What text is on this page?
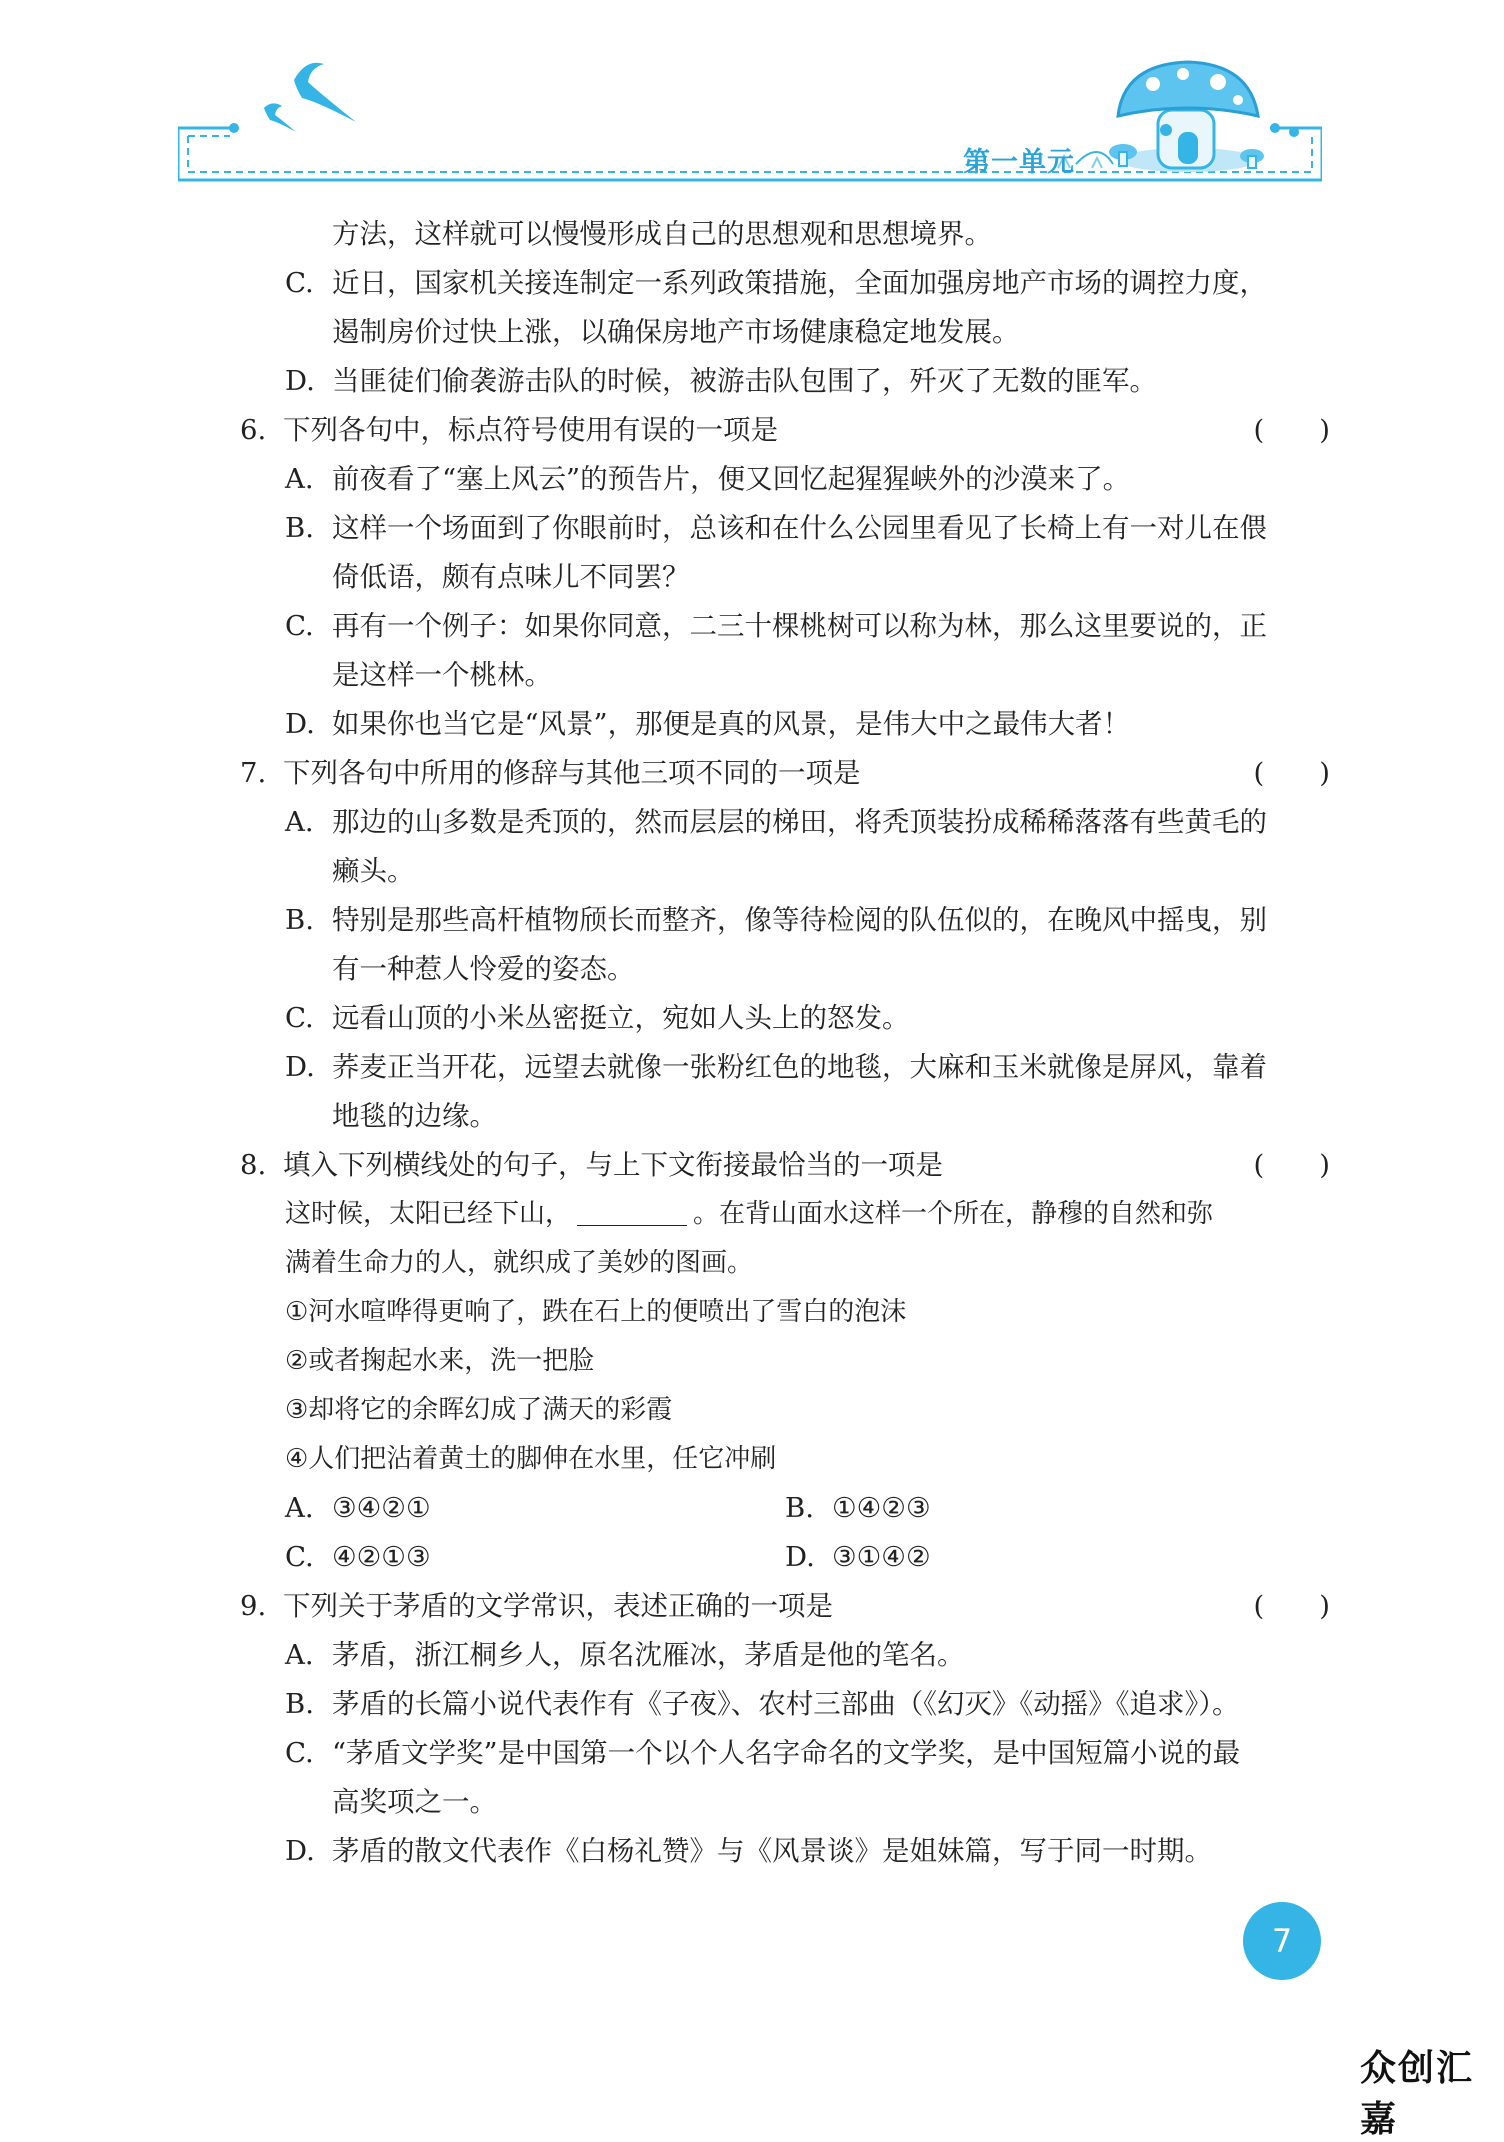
第一单元
方法，这样就可以慢慢形成自己的思想观和思想境界。
C. 近日，国家机关接连制定一系列政策措施，全面加强房地产市场的调控力度，
遏制房价过快上涨，以确保房地产市场健康稳定地发展。
D. 当匪徒们偷袭游击队的时候，被游击队包围了，歼灭了无数的匪军。
6. 下列各句中，标点符号使用有误的一项是	(　　)
A. 前夜看了“塞上风云”的预告片，便又回忆起猩猩峡外的沙漠来了。
B. 这样一个场面到了你眼前时，总该和在什么公园里看见了长椅上有一对儿在偎
倚低语，颇有点味儿不同罢？
C. 再有一个例子：如果你同意，二三十棵桃树可以称为林，那么这里要说的，正
是这样一个桃林。
D. 如果你也当它是“风景”，那便是真的风景，是伟大中之最伟大者！
7. 下列各句中所用的修辞与其他三项不同的一项是	(　　)
A. 那边的山多数是秃顶的，然而层层的梯田，将秃顶装扮成稀稀落落有些黄毛的
癞头。
B. 特别是那些高杆植物颀长而整齐，像等待检阅的队伍似的，在晚风中摇曳，别
有一种惹人怜爱的姿态。
C. 远看山顶的小米丛密挺立，宛如人头上的怒发。
D. 荞麦正当开花，远望去就像一张粉红色的地毯，大麻和玉米就像是屏风，靠着
地毯的边缘。
8. 填入下列横线处的句子，与上下文衔接最恰当的一项是	(　　)
这时候，太阳已经下山，	。在背山面水这样一个所在，静穆的自然和弥
满着生命力的人，就织成了美妙的图画。
①河水喧哗得更响了，跌在石上的便喷出了雪白的泡沫
②或者掬起水来，洗一把脸
③却将它的余晖幻成了满天的彩霞
④人们把沾着黄土的脚伸在水里，任它冲刷
A. ③④②①	B. ①④②③
C. ④②①③	D. ③①④②
9. 下列关于茅盾的文学常识，表述正确的一项是	(　　)
A. 茅盾，浙江桐乡人，原名沈雁冰，茅盾是他的笔名。
B. 茅盾的长篇小说代表作有《子夜》、农村三部曲（《幻灭》《动摇》《追求》）。
C. “茅盾文学奖”是中国第一个以个人名字命名的文学奖，是中国短篇小说的最
高奖项之一。
D. 茅盾的散文代表作《白杨礼赞》与《风景谈》是姐妹篇，写于同一时期。
7
众创汇嘉
